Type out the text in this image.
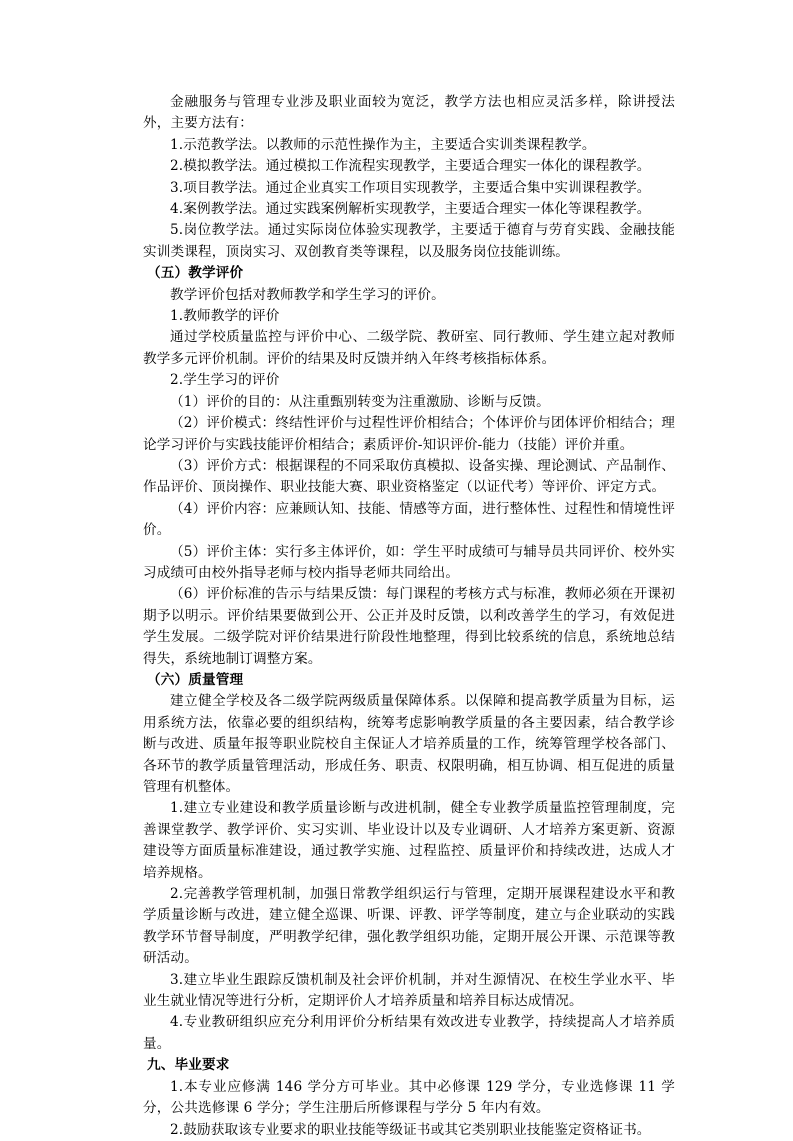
金融服务与管理专业涉及职业面较为宽泛，教学方法也相应灵活多样，除讲授法外，主要方法有：

1.示范教学法。以教师的示范性操作为主，主要适合实训类课程教学。

2.模拟教学法。通过模拟工作流程实现教学，主要适合理实一体化的课程教学。

3.项目教学法。通过企业真实工作项目实现教学，主要适合集中实训课程教学。

4.案例教学法。通过实践案例解析实现教学，主要适合理实一体化等课程教学。

5.岗位教学法。通过实际岗位体验实现教学，主要适于德育与劳育实践、金融技能实训类课程，顶岗实习、双创教育类等课程，以及服务岗位技能训练。

（五）教学评价

教学评价包括对教师教学和学生学习的评价。

1.教师教学的评价

通过学校质量监控与评价中心、二级学院、教研室、同行教师、学生建立起对教师教学多元评价机制。评价的结果及时反馈并纳入年终考核指标体系。

2.学生学习的评价

（1）评价的目的：从注重甄别转变为注重激励、诊断与反馈。

（2）评价模式：终结性评价与过程性评价相结合；个体评价与团体评价相结合；理论学习评价与实践技能评价相结合；素质评价-知识评价-能力（技能）评价并重。

（3）评价方式：根据课程的不同采取仿真模拟、设备实操、理论测试、产品制作、作品评价、顶岗操作、职业技能大赛、职业资格鉴定（以证代考）等评价、评定方式。

（4）评价内容：应兼顾认知、技能、情感等方面，进行整体性、过程性和情境性评价。

（5）评价主体：实行多主体评价，如：学生平时成绩可与辅导员共同评价、校外实习成绩可由校外指导老师与校内指导老师共同给出。

（6）评价标准的告示与结果反馈：每门课程的考核方式与标准，教师必须在开课初期予以明示。评价结果要做到公开、公正并及时反馈，以利改善学生的学习，有效促进学生发展。二级学院对评价结果进行阶段性地整理，得到比较系统的信息，系统地总结得失，系统地制订调整方案。

（六）质量管理

建立健全学校及各二级学院两级质量保障体系。以保障和提高教学质量为目标，运用系统方法，依靠必要的组织结构，统筹考虑影响教学质量的各主要因素，结合教学诊断与改进、质量年报等职业院校自主保证人才培养质量的工作，统筹管理学校各部门、各环节的教学质量管理活动，形成任务、职责、权限明确，相互协调、相互促进的质量管理有机整体。

1.建立专业建设和教学质量诊断与改进机制，健全专业教学质量监控管理制度，完善课堂教学、教学评价、实习实训、毕业设计以及专业调研、人才培养方案更新、资源建设等方面质量标准建设，通过教学实施、过程监控、质量评价和持续改进，达成人才培养规格。

2.完善教学管理机制，加强日常教学组织运行与管理，定期开展课程建设水平和教学质量诊断与改进，建立健全巡课、听课、评教、评学等制度，建立与企业联动的实践教学环节督导制度，严明教学纪律，强化教学组织功能，定期开展公开课、示范课等教研活动。

3.建立毕业生跟踪反馈机制及社会评价机制，并对生源情况、在校生学业水平、毕业生就业情况等进行分析，定期评价人才培养质量和培养目标达成情况。

4.专业教研组织应充分利用评价分析结果有效改进专业教学，持续提高人才培养质量。

九、毕业要求

1.本专业应修满 146 学分方可毕业。其中必修课 129 学分，专业选修课 11 学分，公共选修课 6 学分；学生注册后所修课程与学分 5 年内有效。

2.鼓励获取该专业要求的职业技能等级证书或其它类别职业技能鉴定资格证书。
